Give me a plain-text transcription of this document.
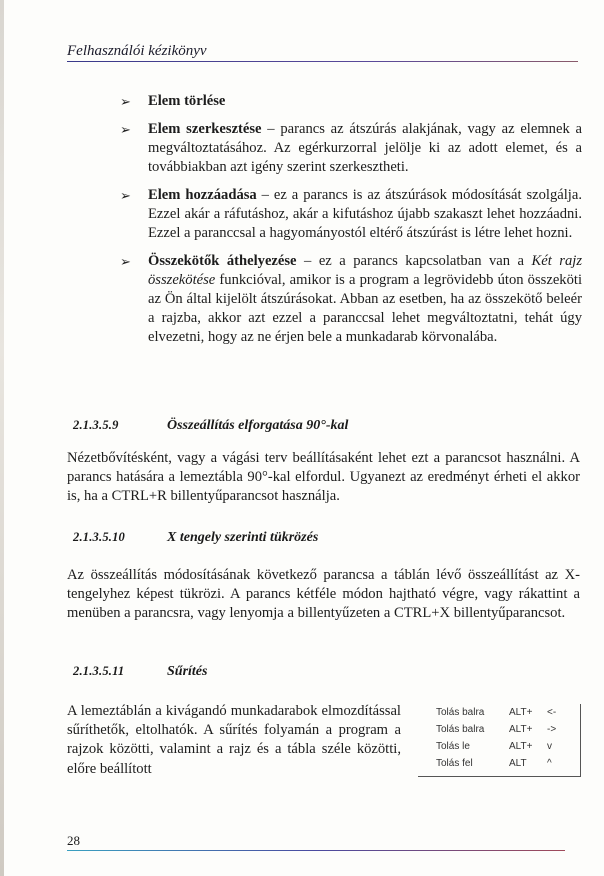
Felhasználói kézikönyv
➢ Elem törlése
➢ Elem szerkesztése – parancs az átszúrás alakjának, vagy az elemnek a megváltoztatásához. Az egérkurzorral jelölje ki az adott elemet, és a továbbiakban azt igény szerint szerkesztheti.
➢ Elem hozzáadása – ez a parancs is az átszúrások módosítását szolgálja. Ezzel akár a ráfutáshoz, akár a kifutáshoz újabb szakaszt lehet hozzáadni. Ezzel a paranccsal a hagyományostól eltérő átszúrást is létre lehet hozni.
➢ Összekötők áthelyezése – ez a parancs kapcsolatban van a Két rajz összekötése funkcióval, amikor is a program a legrövidebb úton összeköti az Ön által kijelölt átszúrásokat. Abban az esetben, ha az összekötő beleér a rajzba, akkor azt ezzel a paranccsal lehet megváltoztatni, tehát úgy elvezetni, hogy az ne érjen bele a munkadarab körvonalába.
2.1.3.5.9	Összeállítás elforgatása 90°-kal
Nézetbővítésként, vagy a vágási terv beállításaként lehet ezt a parancsot használni. A parancs hatására a lemeztábla 90°-kal elfordul. Ugyanezt az eredményt érheti el akkor is, ha a CTRL+R billentyűparancsot használja.
2.1.3.5.10	X tengely szerinti tükrözés
Az összeállítás módosításának következő parancsa a táblán lévő összeállítást az X-tengelyhez képest tükrözi. A parancs kétféle módon hajtható végre, vagy rákattint a menüben a parancsra, vagy lenyomja a billentyűzeten a CTRL+X billentyűparancsot.
2.1.3.5.11	Sűrítés
A lemeztáblán a kivágandó munkadarabok elmozdítással sűríthetők, eltolhatók. A sűrítés folyamán a program a rajzok közötti, valamint a rajz és a tábla széle közötti, előre beállított
Tolás balra	ALT+	<-
Tolás balra	ALT+	->
Tolás le	ALT+	v
Tolás fel	ALT	^
28
